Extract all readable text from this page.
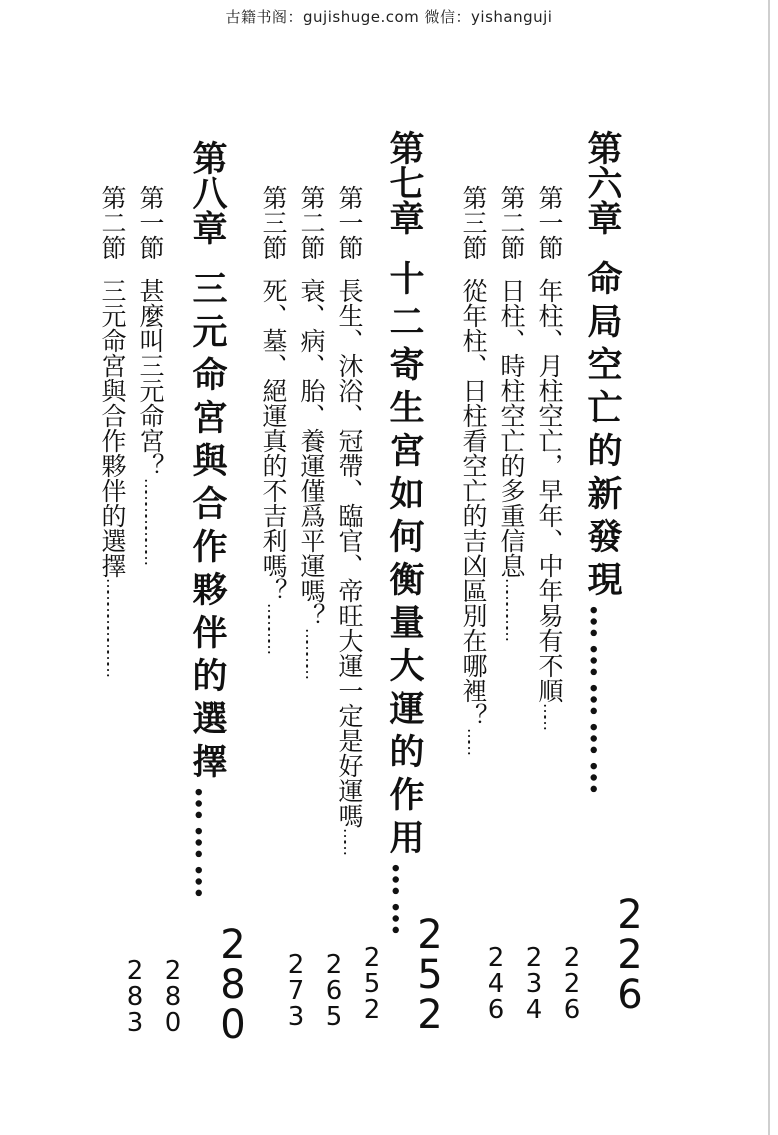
古籍书阁：gujishuge.com 微信：yishanguji
第六章命局空亡的新發現……………
2
2
6
第一節年柱、月柱空亡，早年、中年易有不順……
第二節日柱、時柱空亡的多重信息……………
第三節從年柱、日柱看空亡的吉凶區別在哪裡？……
第七章十二寄生宮如何衡量大運的作用……
2
5
2
第一節長生、沐浴、冠帶、臨官、帝旺大運一定是好運嗎……
第二節衰、病、胎、養運僅爲平運嗎？…………
第三節死、墓、絕運真的不吉利嗎？…………
第八章三元命宮與合作夥伴的選擇………
2
8
0
第一節甚麼叫三元命宮？…………………
第二節三元命宮與合作夥伴的選擇……………………
2
2
6
2
3
4
2
4
6
2
5
2
2
6
5
2
7
3
2
8
0
2
8
3
